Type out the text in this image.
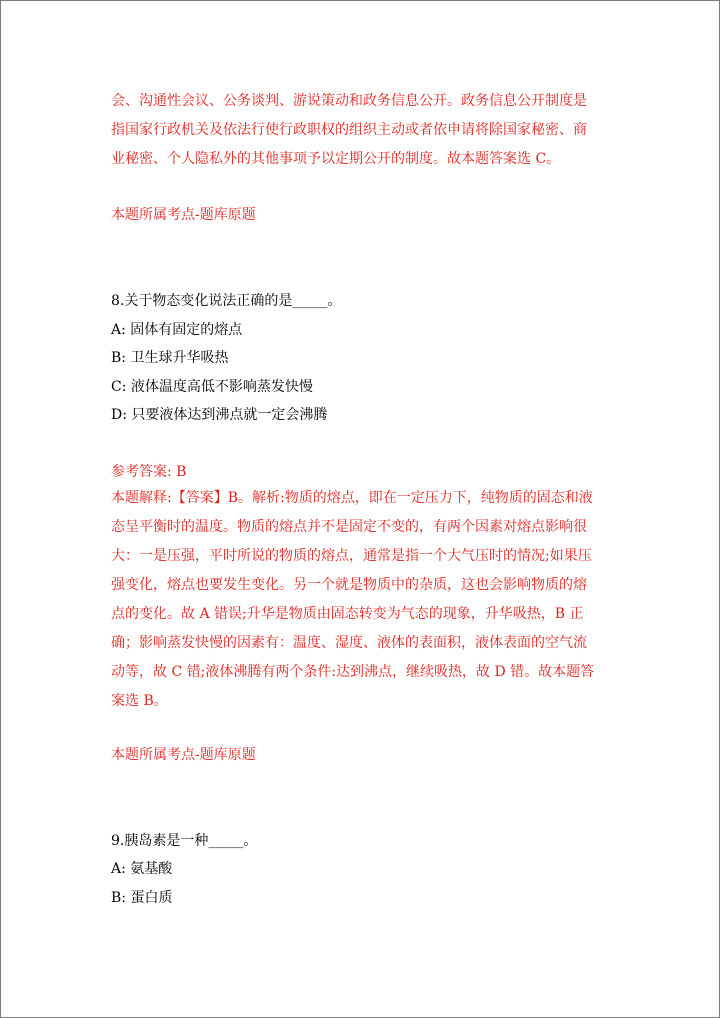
会、沟通性会议、公务谈判、游说策动和政务信息公开。政务信息公开制度是

指国家行政机关及依法行使行政职权的组织主动或者依申请将除国家秘密、商

业秘密、个人隐私外的其他事项予以定期公开的制度。故本题答案选 C。

本题所属考点-题库原题
8.关于物态变化说法正确的是_____。
A: 固体有固定的熔点
B: 卫生球升华吸热
C: 液体温度高低不影响蒸发快慢
D: 只要液体达到沸点就一定会沸腾
参考答案: B

本题解释:【答案】B。解析:物质的熔点，即在一定压力下，纯物质的固态和液

态呈平衡时的温度。物质的熔点并不是固定不变的，有两个因素对熔点影响很

大：一是压强，平时所说的物质的熔点，通常是指一个大气压时的情况;如果压

强变化，熔点也要发生变化。另一个就是物质中的杂质，这也会影响物质的熔

点的变化。故 A 错误;升华是物质由固态转变为气态的现象，升华吸热，B 正

确；影响蒸发快慢的因素有：温度、湿度、液体的表面积，液体表面的空气流

动等，故 C 错;液体沸腾有两个条件:达到沸点，继续吸热，故 D 错。故本题答

案选 B。

本题所属考点-题库原题
9.胰岛素是一种_____。
A: 氨基酸
B: 蛋白质
